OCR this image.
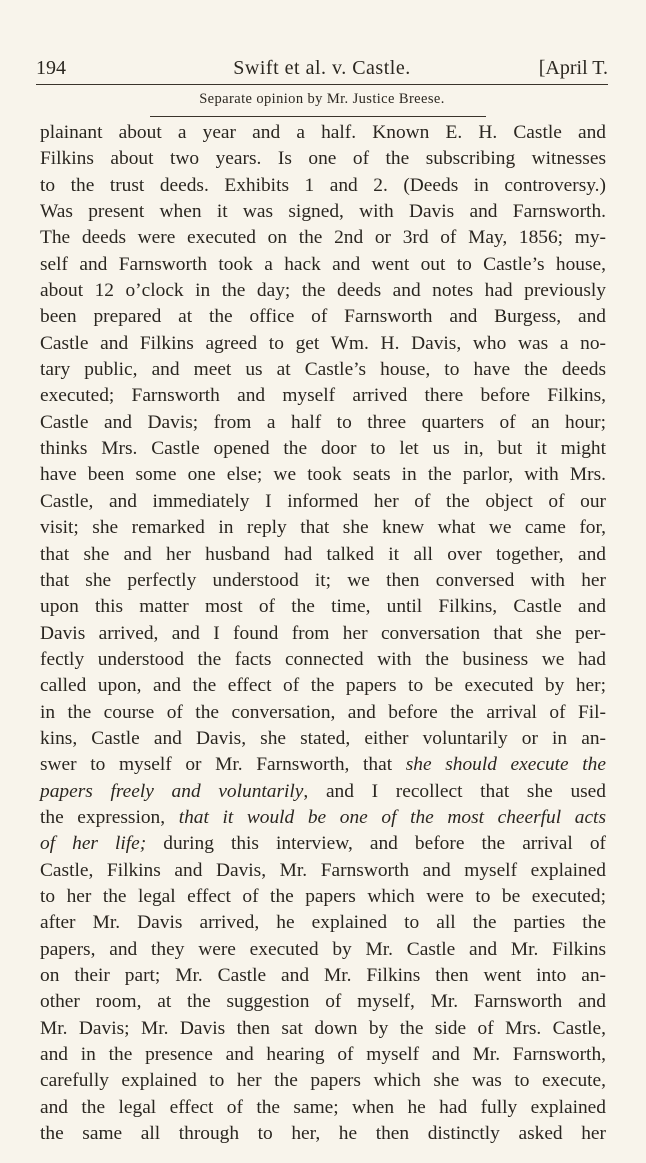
194	Swift et al. v. Castle.	[April T.
Separate opinion by Mr. Justice Breese.
plainant about a year and a half. Known E. H. Castle and
Filkins about two years. Is one of the subscribing witnesses
to the trust deeds. Exhibits 1 and 2. (Deeds in controversy.)
Was present when it was signed, with Davis and Farnsworth.
The deeds were executed on the 2nd or 3rd of May, 1856; my-
self and Farnsworth took a hack and went out to Castle’s house,
about 12 o’clock in the day; the deeds and notes had previously
been prepared at the office of Farnsworth and Burgess, and
Castle and Filkins agreed to get Wm. H. Davis, who was a no-
tary public, and meet us at Castle’s house, to have the deeds
executed; Farnsworth and myself arrived there before Filkins,
Castle and Davis; from a half to three quarters of an hour;
thinks Mrs. Castle opened the door to let us in, but it might
have been some one else; we took seats in the parlor, with Mrs.
Castle, and immediately I informed her of the object of our
visit; she remarked in reply that she knew what we came for,
that she and her husband had talked it all over together, and
that she perfectly understood it; we then conversed with her
upon this matter most of the time, until Filkins, Castle and
Davis arrived, and I found from her conversation that she per-
fectly understood the facts connected with the business we had
called upon, and the effect of the papers to be executed by her;
in the course of the conversation, and before the arrival of Fil-
kins, Castle and Davis, she stated, either voluntarily or in an-
swer to myself or Mr. Farnsworth, that she should execute the
papers freely and voluntarily, and I recollect that she used
the expression, that it would be one of the most cheerful acts
of her life; during this interview, and before the arrival of
Castle, Filkins and Davis, Mr. Farnsworth and myself explained
to her the legal effect of the papers which were to be executed;
after Mr. Davis arrived, he explained to all the parties the
papers, and they were executed by Mr. Castle and Mr. Filkins
on their part; Mr. Castle and Mr. Filkins then went into an-
other room, at the suggestion of myself, Mr. Farnsworth and
Mr. Davis; Mr. Davis then sat down by the side of Mrs. Castle,
and in the presence and hearing of myself and Mr. Farnsworth,
carefully explained to her the papers which she was to execute,
and the legal effect of the same; when he had fully explained
the same all through to her, he then distinctly asked her
